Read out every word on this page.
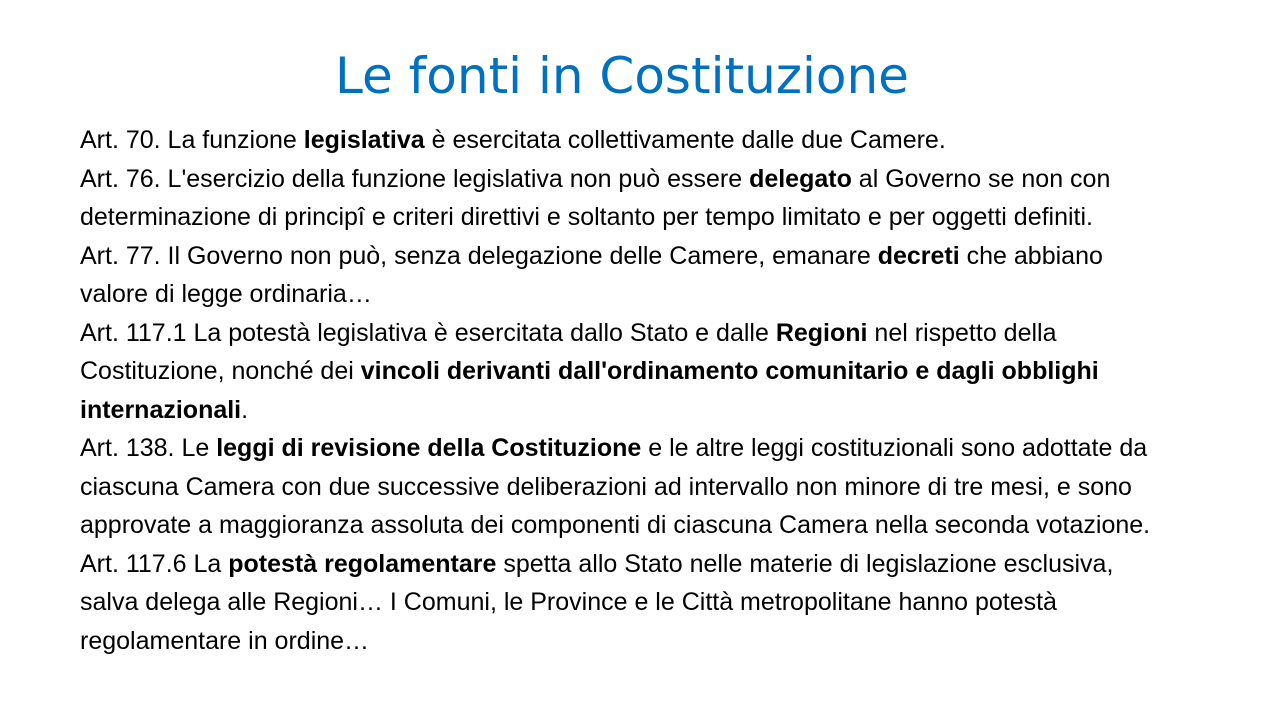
Le fonti in Costituzione

Art. 70. La funzione legislativa è esercitata collettivamente dalle due Camere.

Art. 76. L'esercizio della funzione legislativa non può essere delegato al Governo se non con determinazione di principî e criteri direttivi e soltanto per tempo limitato e per oggetti definiti.

Art. 77. Il Governo non può, senza delegazione delle Camere, emanare decreti che abbiano valore di legge ordinaria…

Art. 117.1 La potestà legislativa è esercitata dallo Stato e dalle Regioni nel rispetto della Costituzione, nonché dei vincoli derivanti dall'ordinamento comunitario e dagli obblighi internazionali.

Art. 138. Le leggi di revisione della Costituzione e le altre leggi costituzionali sono adottate da ciascuna Camera con due successive deliberazioni ad intervallo non minore di tre mesi, e sono approvate a maggioranza assoluta dei componenti di ciascuna Camera nella seconda votazione.

Art. 117.6 La potestà regolamentare spetta allo Stato nelle materie di legislazione esclusiva, salva delega alle Regioni… I Comuni, le Province e le Città metropolitane hanno potestà regolamentare in ordine…
